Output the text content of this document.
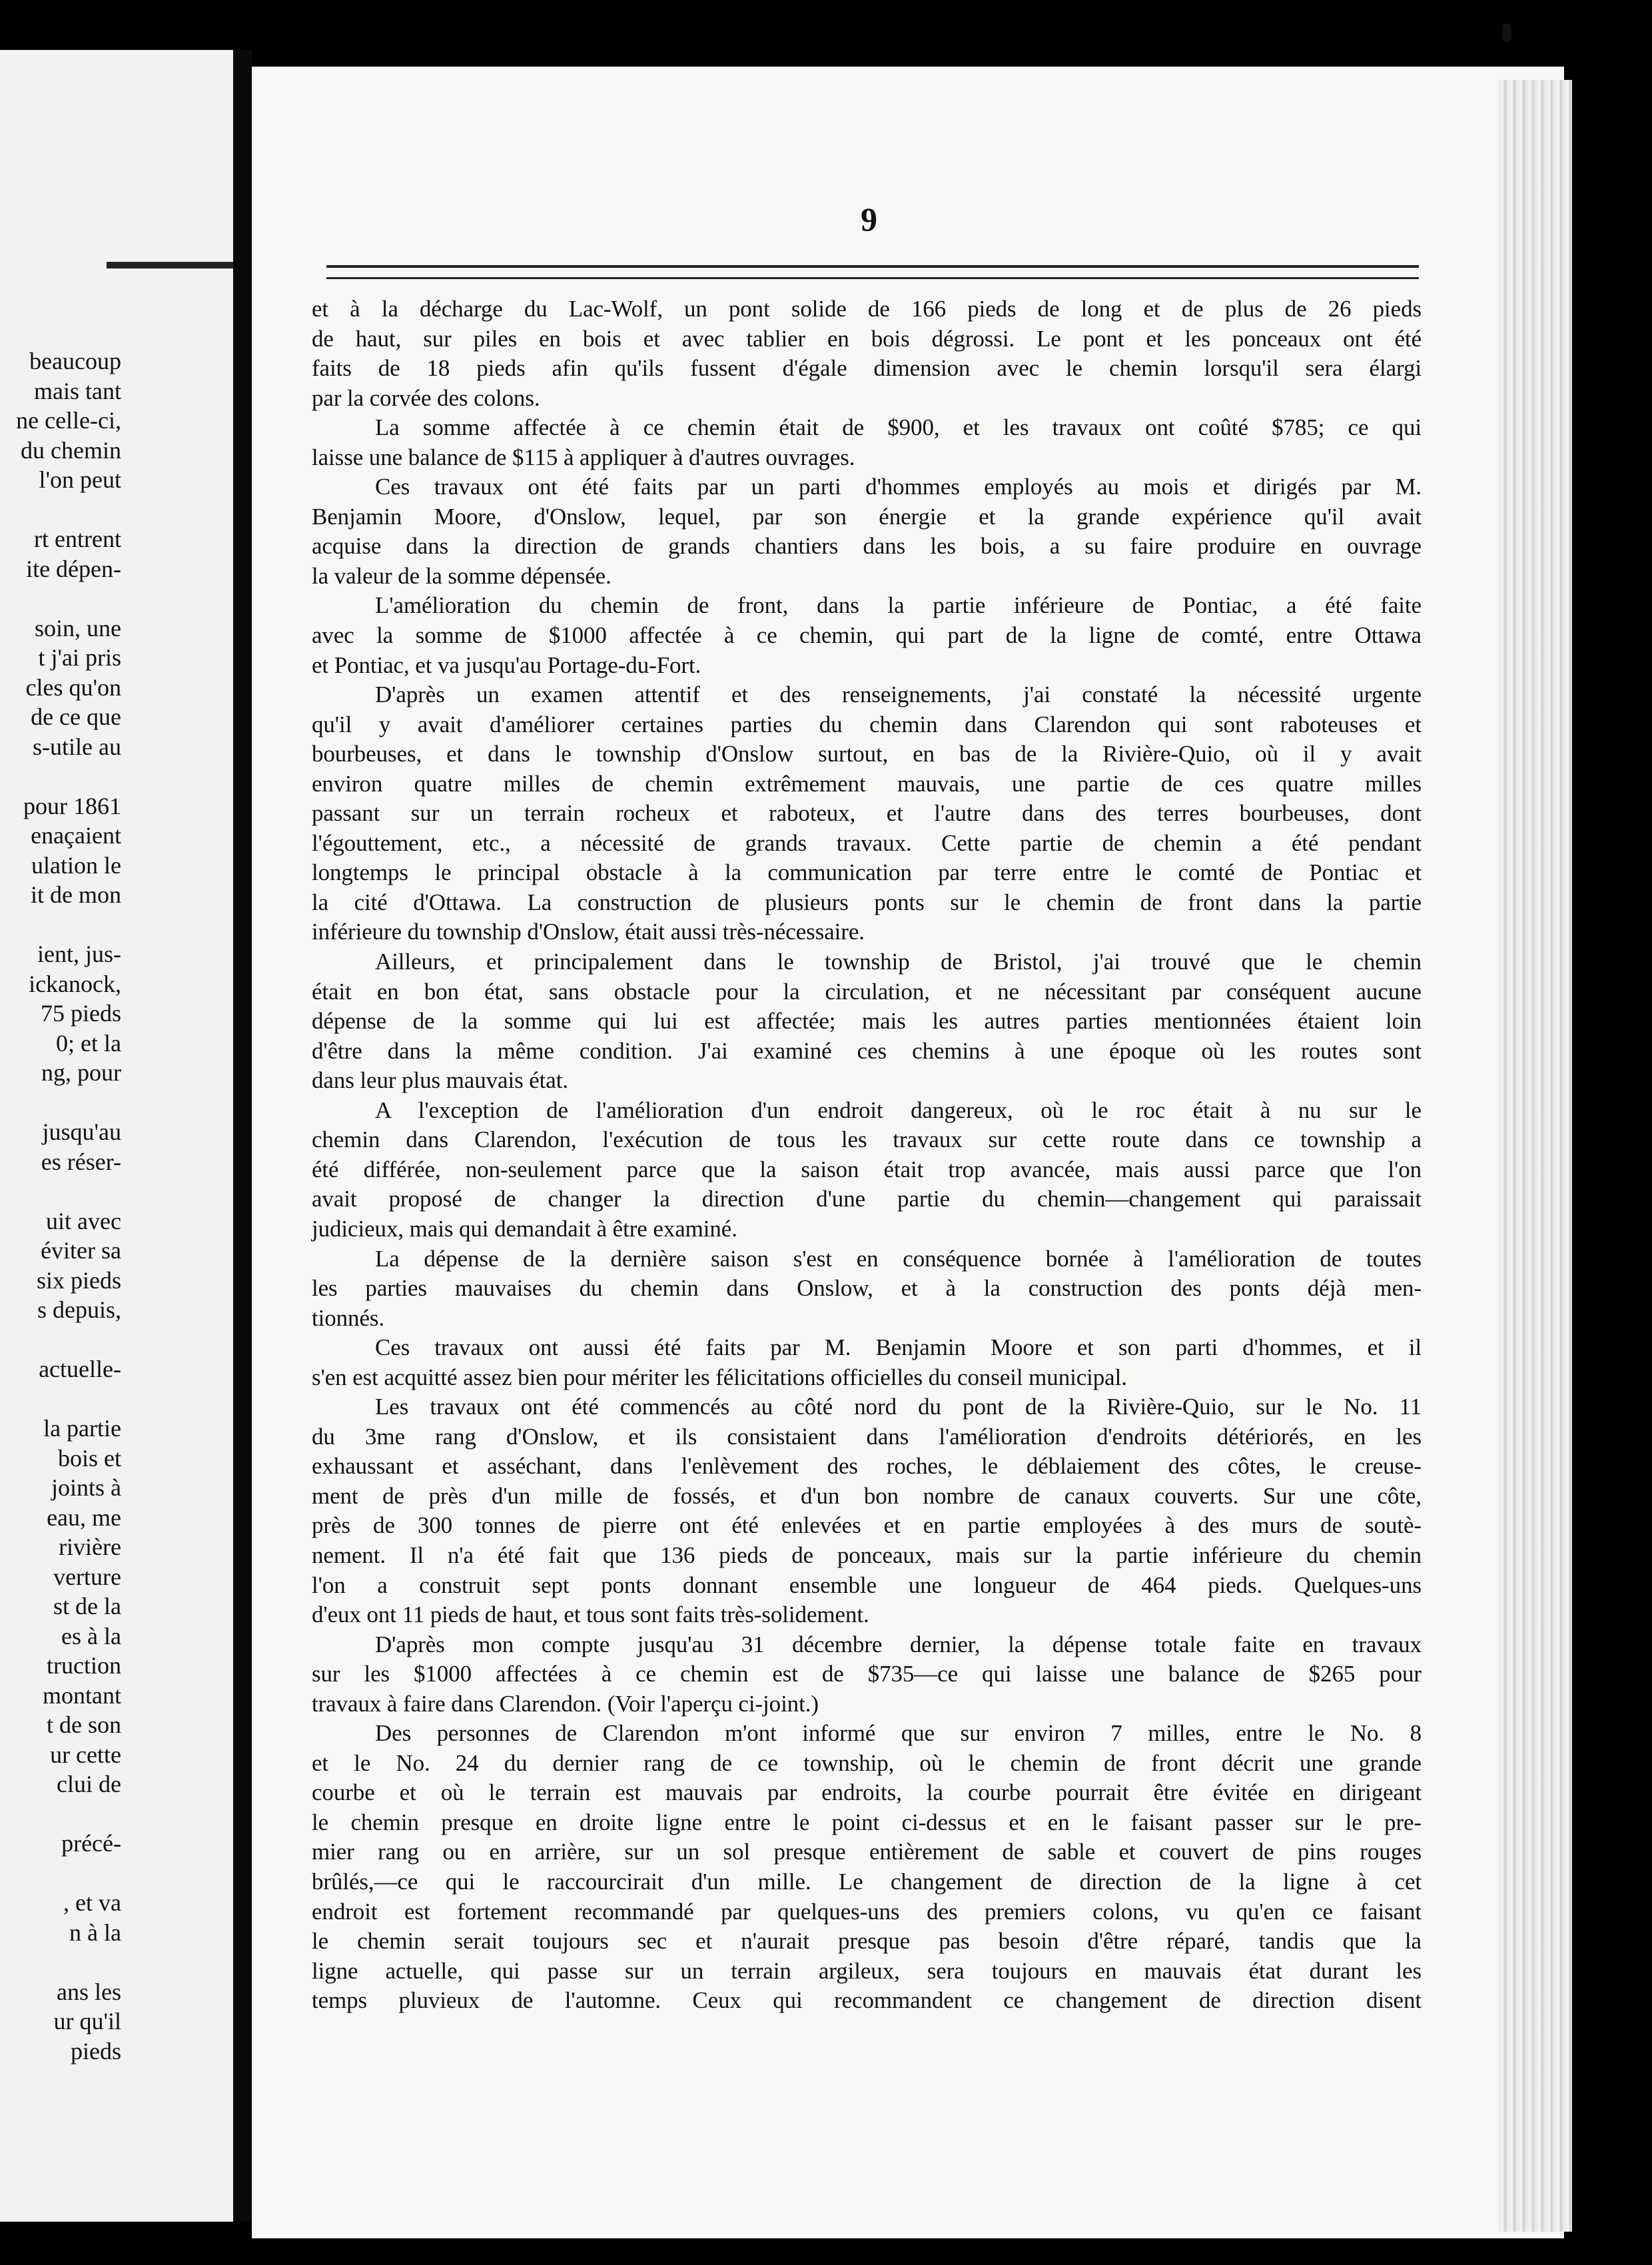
beaucoup
mais tant
ne celle-ci,
du chemin
l'on peut
rt entrent
ite dépen-
soin, une
t j'ai pris
cles qu'on
de ce que
s-utile au
pour 1861
enaçaient
ulation le
it de mon
ient, jus-
ickanock,
75 pieds
0; et la
ng, pour
jusqu'au
es réser-
uit avec
éviter sa
six pieds
s depuis,
actuelle-
la partie
bois et
joints à
eau, me
rivière
verture
st de la
es à la
truction
montant
t de son
ur cette
clui de
précé-
, et va
n à la
ans les
ur qu'il
pieds
9
et à la décharge du Lac-Wolf, un pont solide de 166 pieds de long et de plus de 26 pieds
de haut, sur piles en bois et avec tablier en bois dégrossi. Le pont et les ponceaux ont été
faits de 18 pieds afin qu'ils fussent d'égale dimension avec le chemin lorsqu'il sera élargi
par la corvée des colons.
La somme affectée à ce chemin était de $900, et les travaux ont coûté $785; ce qui
laisse une balance de $115 à appliquer à d'autres ouvrages.
Ces travaux ont été faits par un parti d'hommes employés au mois et dirigés par M.
Benjamin Moore, d'Onslow, lequel, par son énergie et la grande expérience qu'il avait
acquise dans la direction de grands chantiers dans les bois, a su faire produire en ouvrage
la valeur de la somme dépensée.
L'amélioration du chemin de front, dans la partie inférieure de Pontiac, a été faite
avec la somme de $1000 affectée à ce chemin, qui part de la ligne de comté, entre Ottawa
et Pontiac, et va jusqu'au Portage-du-Fort.
D'après un examen attentif et des renseignements, j'ai constaté la nécessité urgente
qu'il y avait d'améliorer certaines parties du chemin dans Clarendon qui sont raboteuses et
bourbeuses, et dans le township d'Onslow surtout, en bas de la Rivière-Quio, où il y avait
environ quatre milles de chemin extrêmement mauvais, une partie de ces quatre milles
passant sur un terrain rocheux et raboteux, et l'autre dans des terres bourbeuses, dont
l'égouttement, etc., a nécessité de grands travaux. Cette partie de chemin a été pendant
longtemps le principal obstacle à la communication par terre entre le comté de Pontiac et
la cité d'Ottawa. La construction de plusieurs ponts sur le chemin de front dans la partie
inférieure du township d'Onslow, était aussi très-nécessaire.
Ailleurs, et principalement dans le township de Bristol, j'ai trouvé que le chemin
était en bon état, sans obstacle pour la circulation, et ne nécessitant par conséquent aucune
dépense de la somme qui lui est affectée; mais les autres parties mentionnées étaient loin
d'être dans la même condition. J'ai examiné ces chemins à une époque où les routes sont
dans leur plus mauvais état.
A l'exception de l'amélioration d'un endroit dangereux, où le roc était à nu sur le
chemin dans Clarendon, l'exécution de tous les travaux sur cette route dans ce township a
été différée, non-seulement parce que la saison était trop avancée, mais aussi parce que l'on
avait proposé de changer la direction d'une partie du chemin—changement qui paraissait
judicieux, mais qui demandait à être examiné.
La dépense de la dernière saison s'est en conséquence bornée à l'amélioration de toutes
les parties mauvaises du chemin dans Onslow, et à la construction des ponts déjà men-
tionnés.
Ces travaux ont aussi été faits par M. Benjamin Moore et son parti d'hommes, et il
s'en est acquitté assez bien pour mériter les félicitations officielles du conseil municipal.
Les travaux ont été commencés au côté nord du pont de la Rivière-Quio, sur le No. 11
du 3me rang d'Onslow, et ils consistaient dans l'amélioration d'endroits détériorés, en les
exhaussant et asséchant, dans l'enlèvement des roches, le déblaiement des côtes, le creuse-
ment de près d'un mille de fossés, et d'un bon nombre de canaux couverts. Sur une côte,
près de 300 tonnes de pierre ont été enlevées et en partie employées à des murs de soutè-
nement. Il n'a été fait que 136 pieds de ponceaux, mais sur la partie inférieure du chemin
l'on a construit sept ponts donnant ensemble une longueur de 464 pieds. Quelques-uns
d'eux ont 11 pieds de haut, et tous sont faits très-solidement.
D'après mon compte jusqu'au 31 décembre dernier, la dépense totale faite en travaux
sur les $1000 affectées à ce chemin est de $735—ce qui laisse une balance de $265 pour
travaux à faire dans Clarendon. (Voir l'aperçu ci-joint.)
Des personnes de Clarendon m'ont informé que sur environ 7 milles, entre le No. 8
et le No. 24 du dernier rang de ce township, où le chemin de front décrit une grande
courbe et où le terrain est mauvais par endroits, la courbe pourrait être évitée en dirigeant
le chemin presque en droite ligne entre le point ci-dessus et en le faisant passer sur le pre-
mier rang ou en arrière, sur un sol presque entièrement de sable et couvert de pins rouges
brûlés,—ce qui le raccourcirait d'un mille. Le changement de direction de la ligne à cet
endroit est fortement recommandé par quelques-uns des premiers colons, vu qu'en ce faisant
le chemin serait toujours sec et n'aurait presque pas besoin d'être réparé, tandis que la
ligne actuelle, qui passe sur un terrain argileux, sera toujours en mauvais état durant les
temps pluvieux de l'automne. Ceux qui recommandent ce changement de direction disent
